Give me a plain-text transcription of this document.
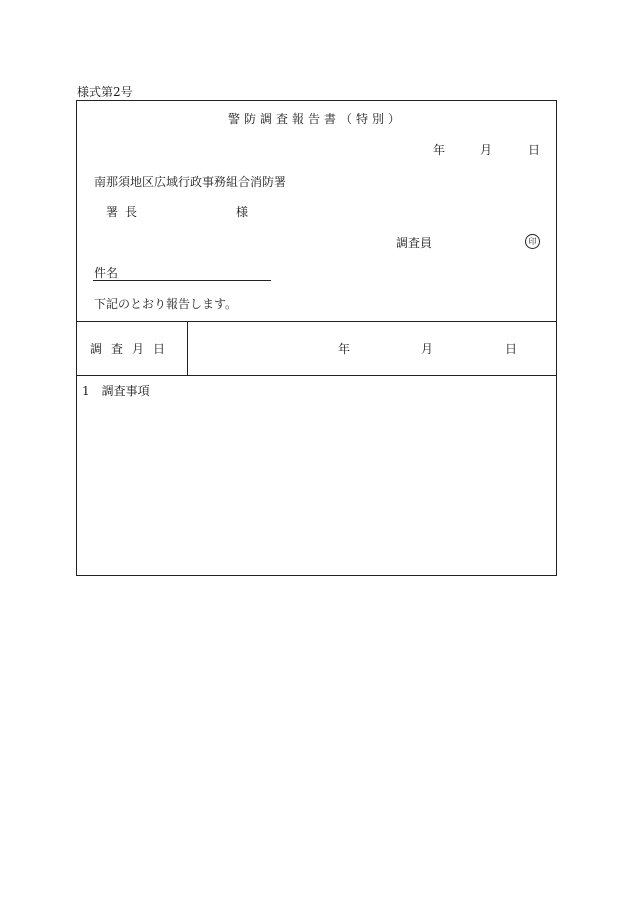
様式第2号
警防調査報告書（特別）
年	月	日
南那須地区広域行政事務組合消防署
署長	様
調査員	印
件名
下記のとおり報告します。
調査月日	年	月	日
1　調査事項
